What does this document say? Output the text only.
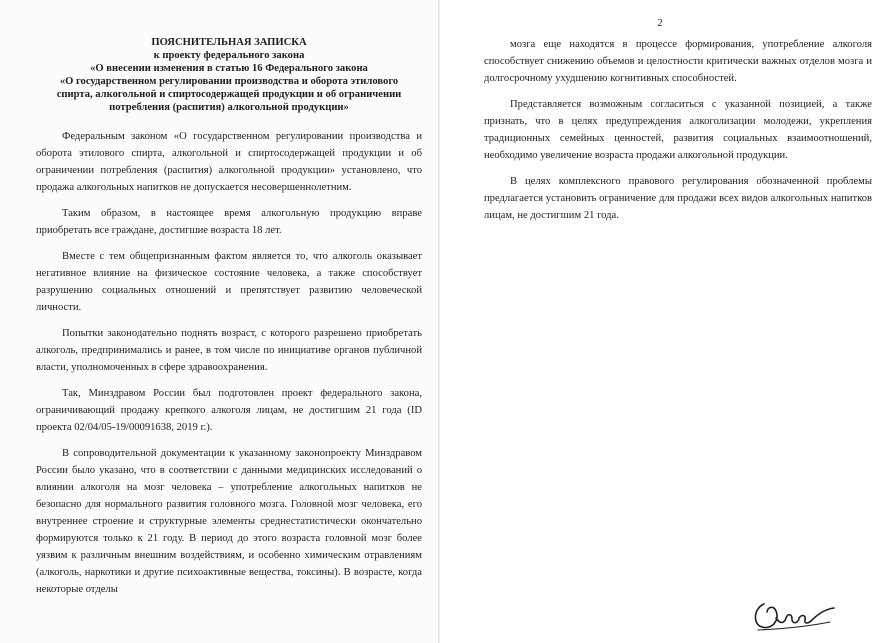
ПОЯСНИТЕЛЬНАЯ ЗАПИСКА
к проекту федерального закона
«О внесении изменения в статью 16 Федерального закона
«О государственном регулировании производства и оборота этилового
спирта, алкогольной и спиртосодержащей продукции и об ограничении
потребления (распития) алкогольной продукции»

Федеральным законом «О государственном регулировании производства и оборота этилового спирта, алкогольной и спиртосодержащей продукции и об ограничении потребления (распития) алкогольной продукции» установлено, что продажа алкогольных напитков не допускается несовершеннолетним.

Таким образом, в настоящее время алкогольную продукцию вправе приобретать все граждане, достигшие возраста 18 лет.

Вместе с тем общепризнанным фактом является то, что алкоголь оказывает негативное влияние на физическое состояние человека, а также способствует разрушению социальных отношений и препятствует развитию человеческой личности.

Попытки законодательно поднять возраст, с которого разрешено приобретать алкоголь, предпринимались и ранее, в том числе по инициативе органов публичной власти, уполномоченных в сфере здравоохранения.

Так, Минздравом России был подготовлен проект федерального закона, ограничивающий продажу крепкого алкоголя лицам, не достигшим 21 года (ID проекта 02/04/05-19/00091638, 2019 г.).

В сопроводительной документации к указанному законопроекту Минздравом России было указано, что в соответствии с данными медицинских исследований о влиянии алкоголя на мозг человека – употребление алкогольных напитков не безопасно для нормального развития головного мозга. Головной мозг человека, его внутреннее строение и структурные элементы среднестатистически окончательно формируются только к 21 году. В период до этого возраста головной мозг более уязвим к различным внешним воздействиям, и особенно химическим отравлениям (алкоголь, наркотики и другие психоактивные вещества, токсины). В возрасте, когда некоторые отделы

2

мозга еще находятся в процессе формирования, употребление алкоголя способствует снижению объемов и целостности критически важных отделов мозга и долгосрочному ухудшению когнитивных способностей.

Представляется возможным согласиться с указанной позицией, а также признать, что в целях предупреждения алкоголизации молодежи, укрепления традиционных семейных ценностей, развития социальных взаимоотношений, необходимо увеличение возраста продажи алкогольной продукции.

В целях комплексного правового регулирования обозначенной проблемы предлагается установить ограничение для продажи всех видов алкогольных напитков лицам, не достигшим 21 года.
